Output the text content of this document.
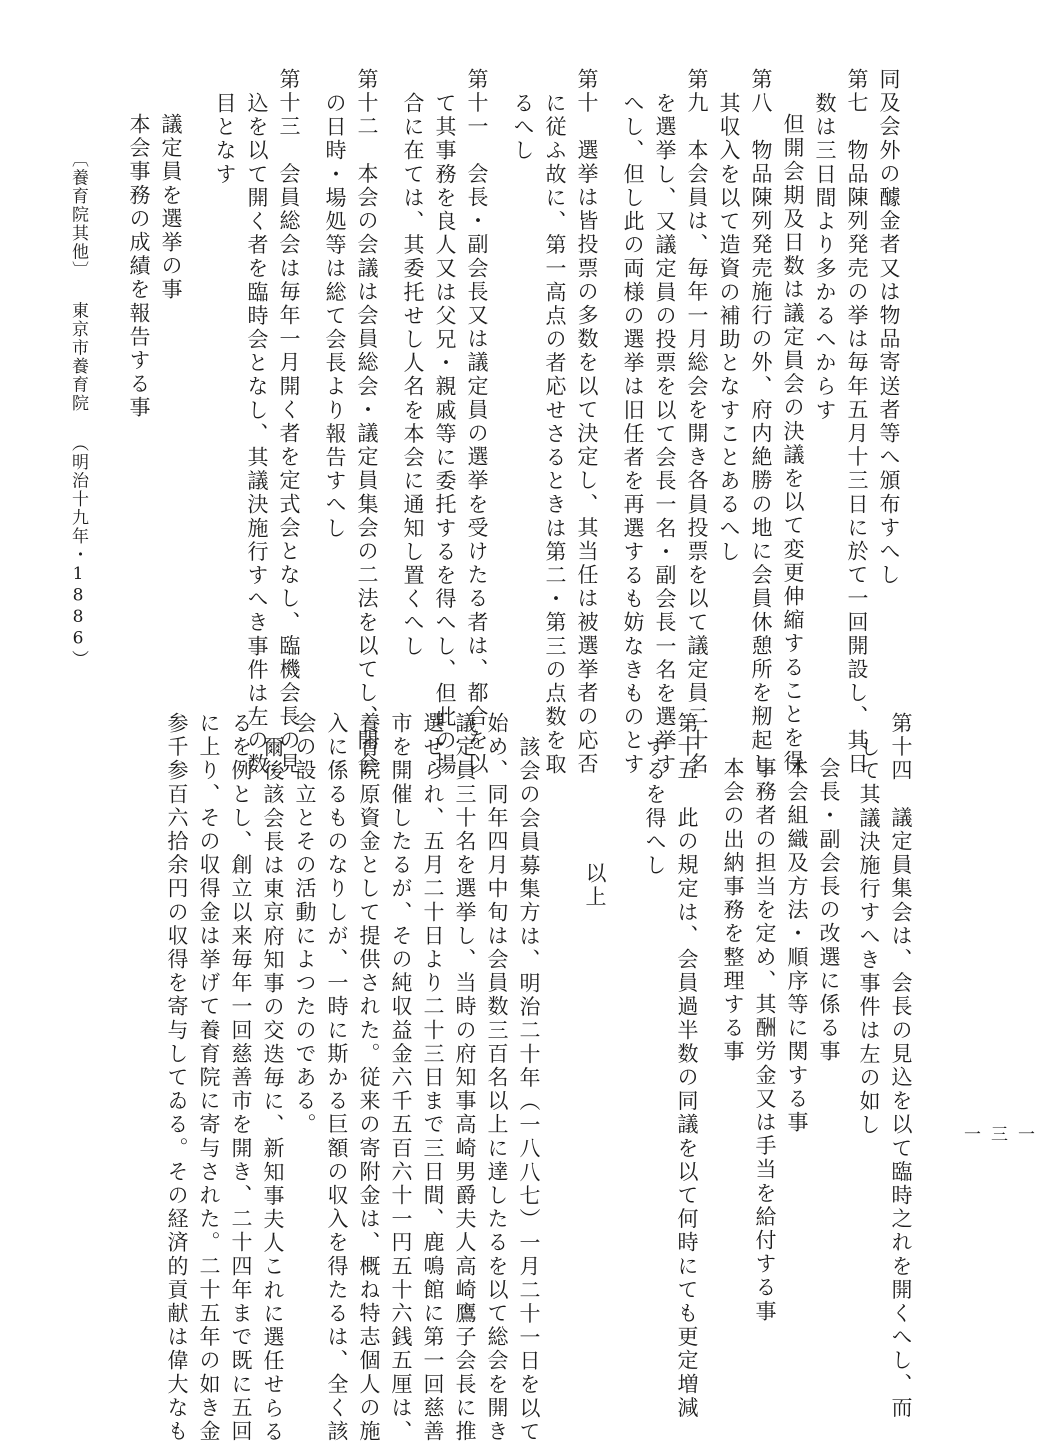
同及会外の醵金者又は物品寄送者等へ頒布すへし
第七　物品陳列発売の挙は毎年五月十三日に於て一回開設し、其日
数は三日間より多かるへからす
但開会期及日数は議定員会の決議を以て変更伸縮することを得
第八　物品陳列発売施行の外、府内絶勝の地に会員休憩所を剏起し
其収入を以て造資の補助となすことあるへし
第九　本会員は、毎年一月総会を開き各員投票を以て議定員二十名
を選挙し、又議定員の投票を以て会長一名・副会長一名を選挙す
へし、但し此の両様の選挙は旧任者を再選するも妨なきものとす
第十　選挙は皆投票の多数を以て決定し、其当任は被選挙者の応否
に従ふ故に、第一高点の者応せさるときは第二・第三の点数を取
るへし
第十一　会長・副会長又は議定員の選挙を受けたる者は、都合を以
て其事務を良人又は父兄・親戚等に委托するを得へし、但此の場
合に在ては、其委托せし人名を本会に通知し置くへし
第十二　本会の会議は会員総会・議定員集会の二法を以てし、開会
の日時・場処等は総て会長より報告すへし
第十三　会員総会は毎年一月開く者を定式会となし、臨機会長の見
込を以て開く者を臨時会となし、其議決施行すへき事件は左の数
目となす
議定員を選挙の事
本会事務の成績を報告する事
〔養育院其他〕東京市養育院（明治十九年・1886）
第十四　議定員集会は、会長の見込を以て臨時之れを開くへし、而
して其議決施行すへき事件は左の如し
会長・副会長の改選に係る事
本会組織及方法・順序等に関する事
事務者の担当を定め、其酬労金又は手当を給付する事
本会の出納事務を整理する事
第十五　此の規定は、会員過半数の同議を以て何時にても更定増減
するを得へし
以上
該会の会員募集方は、明治二十年（一八八七）一月二十一日を以て
始め、同年四月中旬は会員数三百名以上に達したるを以て総会を開き
議定員三十名を選挙し、当時の府知事高崎男爵夫人高崎鷹子会長に推
選せられ、五月二十日より二十三日まで三日間、鹿鳴館に第一回慈善
市を開催したるが、その純収益金六千五百六十一円五十六銭五厘は、
養育院原資金として提供された。従来の寄附金は、概ね特志個人の施
入に係るものなりしが、一時に斯かる巨額の収入を得たるは、全く該
会の設立とその活動によつたのである。
爾後該会長は東京府知事の交迭毎に、新知事夫人これに選任せらる
るを例とし、創立以来毎年一回慈善市を開き、二十四年まで既に五回
に上り、その収得金は挙げて養育院に寄与された。二十五年の如き金
参千参百六拾余円の収得を寄与してゐる。その経済的貢献は偉大なも	一三一
